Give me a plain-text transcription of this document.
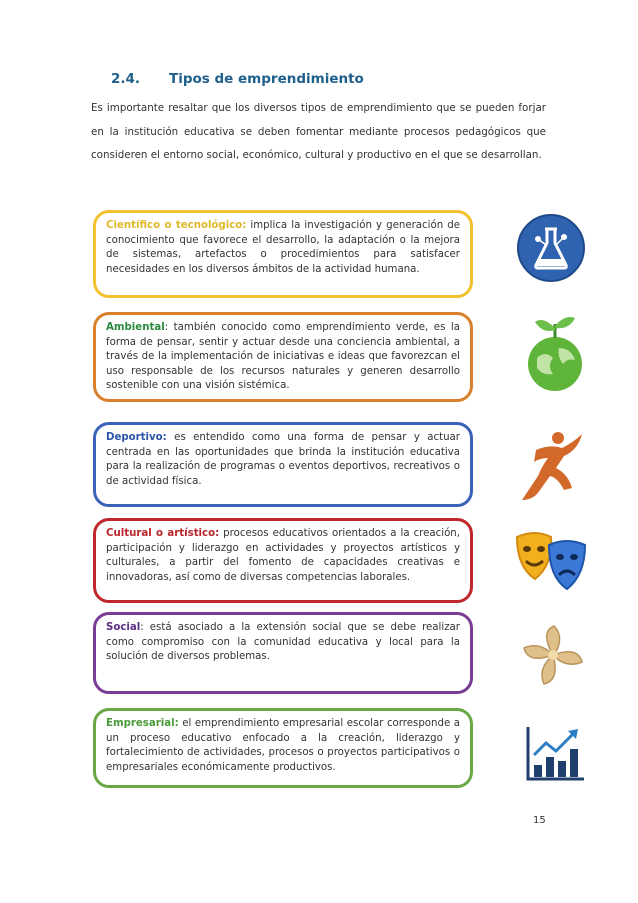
2.4.	Tipos de emprendimiento
Es importante resaltar que los diversos tipos de emprendimiento que se pueden forjar en la institución educativa se deben fomentar mediante procesos pedagógicos que consideren el entorno social, económico, cultural y productivo en el que se desarrollan.
Científico o tecnológico: implica la investigación y generación de conocimiento que favorece el desarrollo, la adaptación o la mejora de sistemas, artefactos o procedimientos para satisfacer necesidades en los diversos ámbitos de la actividad humana.
Ambiental: también conocido como emprendimiento verde, es la forma de pensar, sentir y actuar desde una conciencia ambiental, a través de la implementación de iniciativas e ideas que favorezcan el uso responsable de los recursos naturales y generen desarrollo sostenible con una visión sistémica.
Deportivo: es entendido como una forma de pensar y actuar centrada en las oportunidades que brinda la institución educativa para la realización de programas o eventos deportivos, recreativos o de actividad física.
Cultural o artístico: procesos educativos orientados a la creación, participación y liderazgo en actividades y proyectos artísticos y culturales, a partir del fomento de capacidades creativas e innovadoras, así como de diversas competencias laborales.
Social: está asociado a la extensión social que se debe realizar como compromiso con la comunidad educativa y local para la solución de diversos problemas.
Empresarial: el emprendimiento empresarial escolar corresponde a un proceso educativo enfocado a la creación, liderazgo y fortalecimiento de actividades, procesos o proyectos participativos o empresariales económicamente productivos.
15
